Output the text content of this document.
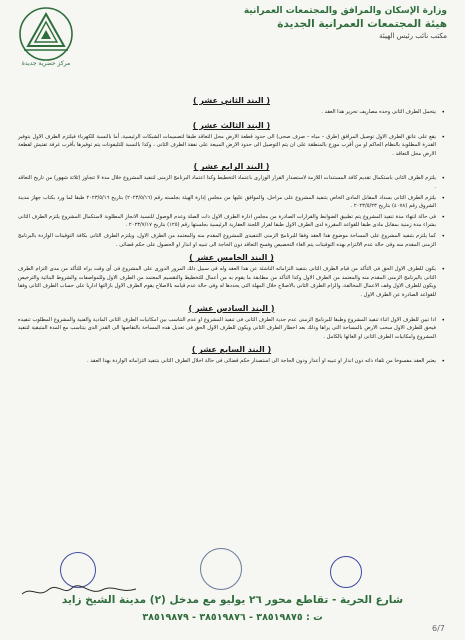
وزارة الإسكان والمرافق والمجتمعات العمرانية
هيئة المجتمعات العمرانية الجديدة
مكتب نائب رئيس الهيئة
مركز حضرية جديدة
( البند الثاني عشر )
•
يتحمل الطرف الثانى وحده مصاريف تحرير هذا العقد .
( البند الثالث عشر )
•
يقع على عاتق الطرف الاول توصيل المرافق (طرق – مياه – صرف صحى) الى حدود قطعة الارض محل التعاقد طبقا لتصميمات الشبكات الرئيسية، أما بالنسبة للكهرباء فيلتزم الطرف الاول بتوفير القدرة المطلوبة بالنظام الحاكم او من أقرب موزع بالمنطقة على ان يتم التوصيل الى حدود الارض المبيعة على نفقة الطرف الثانى ، وكذا بالنسبة للتليفونات يتم توفيرها بأقرب غرفة تفتيش لقطعة الارض محل التعاقد .
( البند الرابع عشر )
•
يلتزم الطرف الثانى باستكمال تقديم كافة المستندات اللازمة لاستصدار القرار الوزارى باعتماد التخطيط وكذا اعتماد البرنامج الزمنى لتنفيذ المشروع خلال مدة لا تتجاوز (ثلاثة شهور) من تاريخ التعاقد .
•
يلتزم الطرف الثانى بسداد المقابل المادى الخاص بتنفيذ المشروع على مراحل، والموافق عليها من مجلس إدارة الهيئة بجلسته رقم (٢٠٢٣/٥/١٦) بتاريخ ٢٠٢٣/٥/١٦ طبقا لما ورد بكتاب جهاز مدينة الشروق رقم (٤٠٧٨) بتاريخ ٢٠٢٣/٥/٢٣ .
•
فى حالة انتهاء مدة تنفيذ المشروع يتم تطبيق الضوابط والقرارات الصادرة من مجلس ادارة الطرف الاول ذات الصلة وعدم الوصول للنسبة الانجاز المطلوبة لاستكمال المشروع يلتزم الطرف الثانى بشراء مدة زمنية بمقابل مادى طبقا للقواعد المقررة لدى الطرف الاول طبقا لقرار اللجنة العقارية الرئيسية بجلستها رقم (١٢٥) بتاريخ ٢٠٢٣/٧/١٧ .
•
كما يلتزم بتنفيذ المشروع على المساحة موضوع هذا العقد وفقا للبرنامج الزمنى التنفيذى للمشروع المقدم منه والمعتمد من الطرف الاول، ويلتزم الطرف الثانى بكافة التوقيتات الواردة بالبرنامج الزمنى المقدم منه وفى حالة عدم الالتزام بهذه التوقيتات يتم الغاء التخصيص وفسخ التعاقد دون الحاجة الى تنبيه او انذار او الحصول على حكم قضائى .
( البند الخامس عشر )
•
يكون للطرف الاول الحق فى التأكد من قيام الطرف الثانى بتنفيذ التزاماته الناشئة عن هذا العقد وله فى سبيل ذلك المرور الدورى على المشروع فى أى وقت يراه للتأكد من مدى التزام الطرف الثانى بالبرنامج الزمنى المقدم منه والمعتمد من الطرف الاول وكذا التأكد من مطابقة ما يقوم به من أعمال للتخطيط والتقسيم المعتمد من الطرف الاول وللمواصفات والشروط البنائية والترخيص ويكون للطرف الاول وقف الاعمال المخالفة، والزام الطرف الثانى بالاصلاح خلال المهلة التى يحددها له وفى حالة عدم قيامه بالاصلاح يقوم الطرف الاول بازالتها اداريا على حساب الطرف الثانى وفقا للقواعد الصادرة عن الطرف الاول .
( البند السادس عشر )
•
اذا تبين للطرف الاول اثناء تنفيذ المشروع وطبقا للبرنامج الزمنى عدم جدية الطرف الثانى فى تنفيذ المشروع او عدم التناسب بين امكانيات الطرف الثانى المادية والفنية والمشروع المطلوب تنفيذه فيحق للطرف الاول سحب الارض بالمساحة التى يراها وذلك بعد اخطار الطرف الثانى ويكون للطرف الاول الحق فى تعديل هذه المساحة بالتقاصها الى القدر الذى يتناسب مع المدة المتبقية لتنفيذ المشروع وامكانيات الطرف الثانى او الغائها بالكامل .
( البند السابع عشر )
•
يعتبر العقد مفسوخا من تلقاء ذاته دون انذار او تنبيه او أعذار ودون الحاجة الى استصدار حكم قضائى فى حالة اخلال الطرف الثانى بتنفيذ التزاماته الواردة بهذا العقد .
شارع الحرية - تقاطع محور ٢٦ يوليو مع مدخل (٢) مدينة الشيخ زايد
ت : ٣٨٥١٩٨٧٥ - ٣٨٥١٩٨٧٦ - ٣٨٥١٩٨٧٩
6/7
